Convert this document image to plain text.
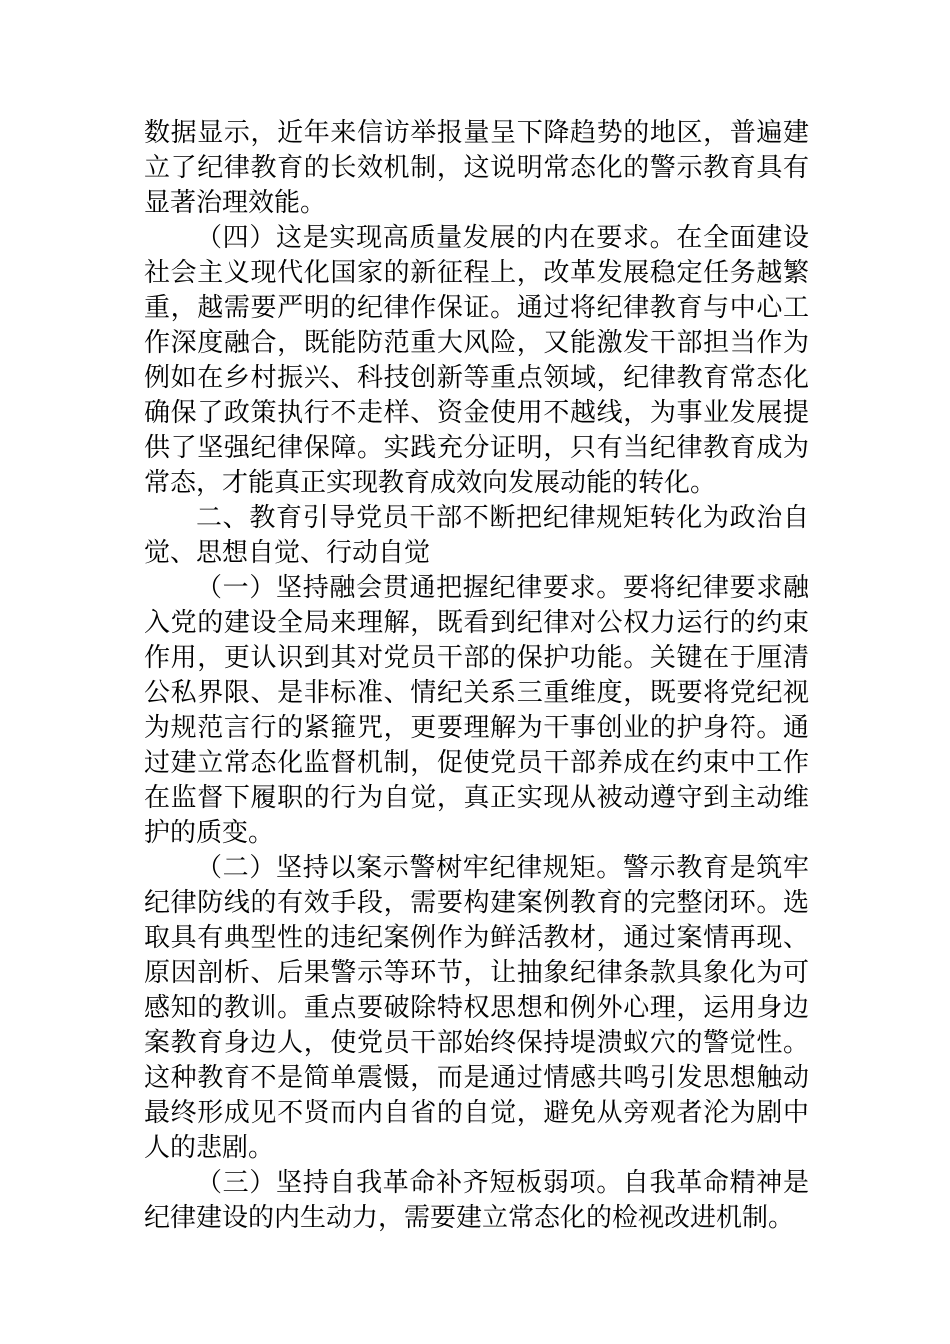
数据显示，近年来信访举报量呈下降趋势的地区，普遍建立了纪律教育的长效机制，这说明常态化的警示教育具有显著治理效能。

（四）这是实现高质量发展的内在要求。在全面建设社会主义现代化国家的新征程上，改革发展稳定任务越繁重，越需要严明的纪律作保证。通过将纪律教育与中心工作深度融合，既能防范重大风险，又能激发干部担当作为例如在乡村振兴、科技创新等重点领域，纪律教育常态化确保了政策执行不走样、资金使用不越线，为事业发展提供了坚强纪律保障。实践充分证明，只有当纪律教育成为常态，才能真正实现教育成效向发展动能的转化。

二、教育引导党员干部不断把纪律规矩转化为政治自觉、思想自觉、行动自觉

（一）坚持融会贯通把握纪律要求。要将纪律要求融入党的建设全局来理解，既看到纪律对公权力运行的约束作用，更认识到其对党员干部的保护功能。关键在于厘清公私界限、是非标准、情纪关系三重维度，既要将党纪视为规范言行的紧箍咒，更要理解为干事创业的护身符。通过建立常态化监督机制，促使党员干部养成在约束中工作在监督下履职的行为自觉，真正实现从被动遵守到主动维护的质变。

（二）坚持以案示警树牢纪律规矩。警示教育是筑牢纪律防线的有效手段，需要构建案例教育的完整闭环。选取具有典型性的违纪案例作为鲜活教材，通过案情再现、原因剖析、后果警示等环节，让抽象纪律条款具象化为可感知的教训。重点要破除特权思想和例外心理，运用身边案教育身边人，使党员干部始终保持堤溃蚁穴的警觉性。这种教育不是简单震慑，而是通过情感共鸣引发思想触动最终形成见不贤而内自省的自觉，避免从旁观者沦为剧中人的悲剧。

（三）坚持自我革命补齐短板弱项。自我革命精神是纪律建设的内生动力，需要建立常态化的检视改进机制。
